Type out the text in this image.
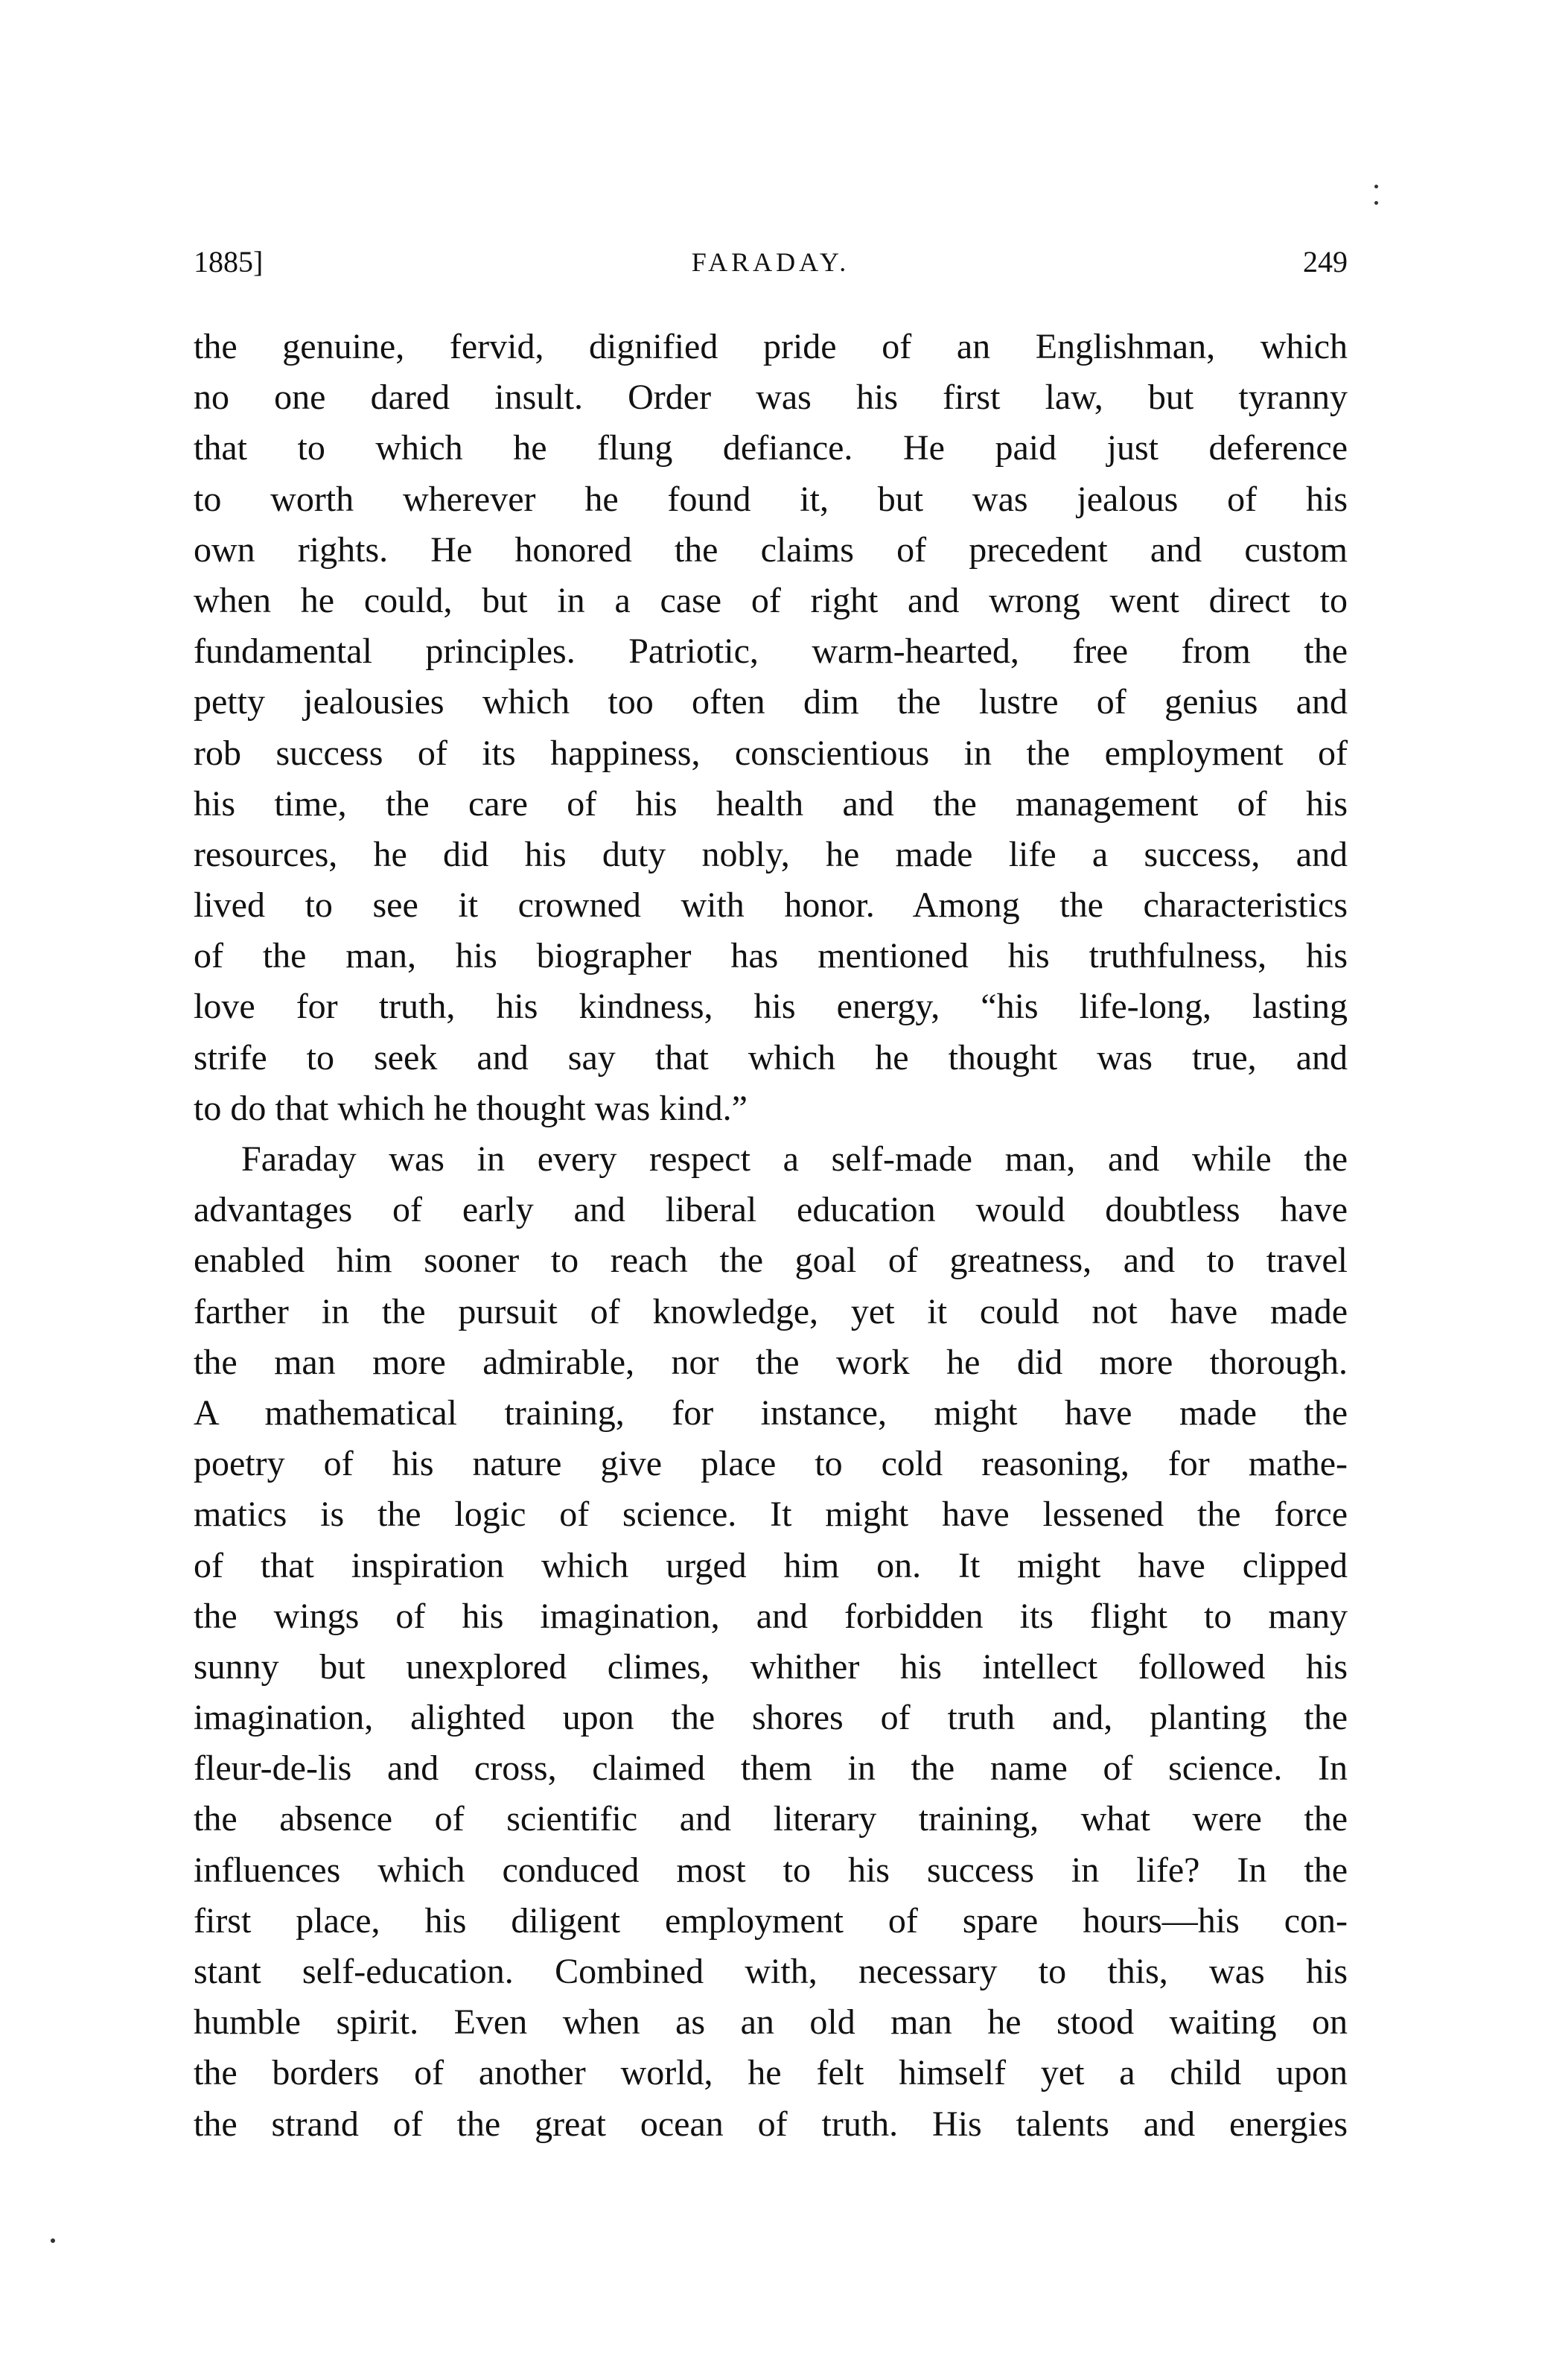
1885]	FARADAY.	249
the genuine, fervid, dignified pride of an Englishman, which
no one dared insult. Order was his first law, but tyranny
that to which he flung defiance. He paid just deference
to worth wherever he found it, but was jealous of his
own rights. He honored the claims of precedent and custom
when he could, but in a case of right and wrong went direct to
fundamental principles. Patriotic, warm-hearted, free from the
petty jealousies which too often dim the lustre of genius and
rob success of its happiness, conscientious in the employment of
his time, the care of his health and the management of his
resources, he did his duty nobly, he made life a success, and
lived to see it crowned with honor. Among the characteristics
of the man, his biographer has mentioned his truthfulness, his
love for truth, his kindness, his energy, “his life-long, lasting
strife to seek and say that which he thought was true, and
to do that which he thought was kind.”
Faraday was in every respect a self-made man, and while the
advantages of early and liberal education would doubtless have
enabled him sooner to reach the goal of greatness, and to travel
farther in the pursuit of knowledge, yet it could not have made
the man more admirable, nor the work he did more thorough.
A mathematical training, for instance, might have made the
poetry of his nature give place to cold reasoning, for mathe-
matics is the logic of science. It might have lessened the force
of that inspiration which urged him on. It might have clipped
the wings of his imagination, and forbidden its flight to many
sunny but unexplored climes, whither his intellect followed his
imagination, alighted upon the shores of truth and, planting the
fleur-de-lis and cross, claimed them in the name of science. In
the absence of scientific and literary training, what were the
influences which conduced most to his success in life? In the
first place, his diligent employment of spare hours—his con-
stant self-education. Combined with, necessary to this, was his
humble spirit. Even when as an old man he stood waiting on
the borders of another world, he felt himself yet a child upon
the strand of the great ocean of truth. His talents and energies
